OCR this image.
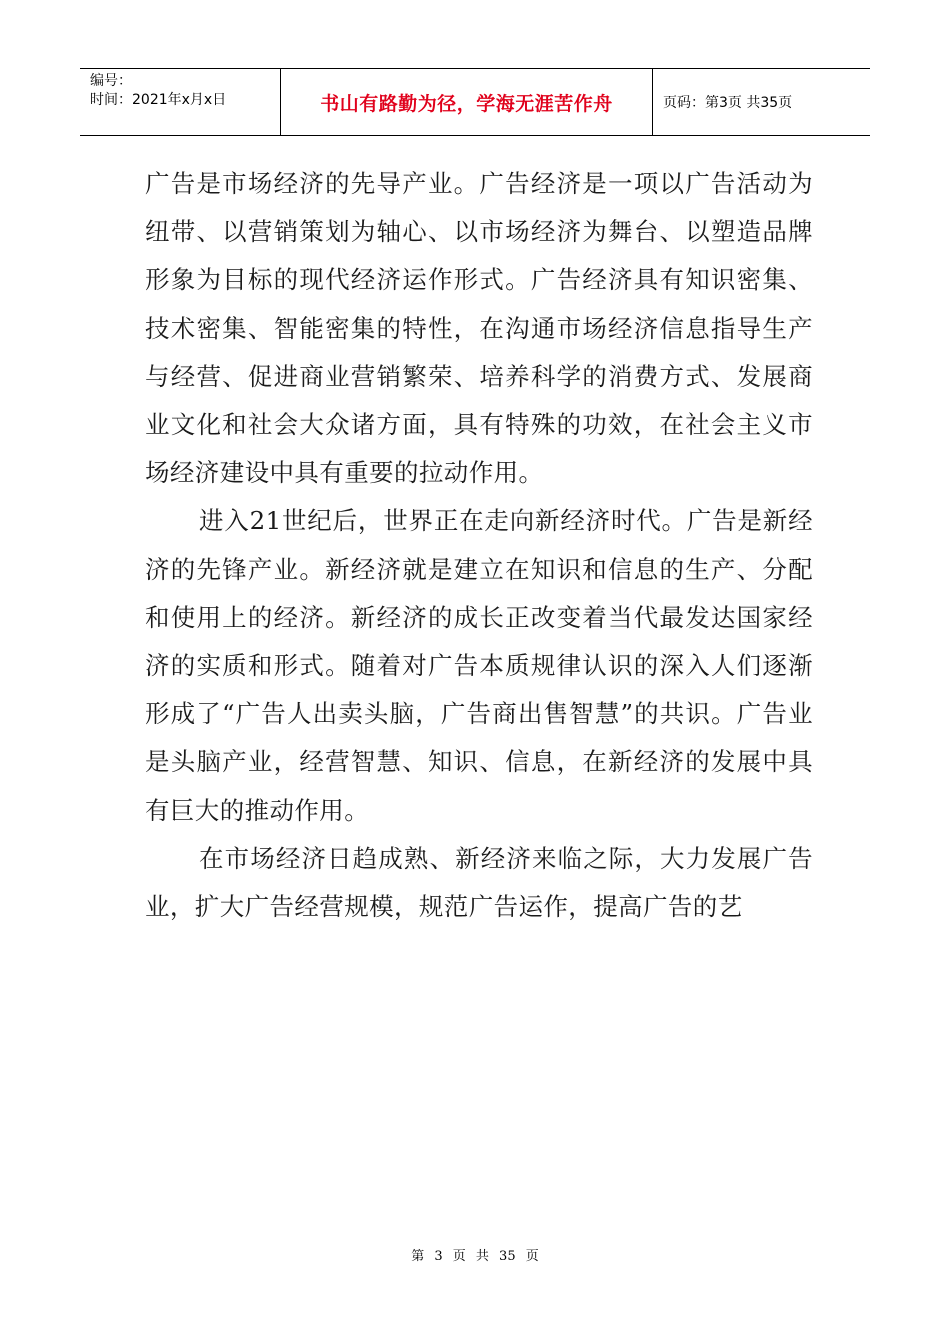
编号：
时间：2021年x月x日	书山有路勤为径，学海无涯苦作舟	页码：第3页 共35页

广告是市场经济的先导产业。广告经济是一项以广告活动为纽带、以营销策划为轴心、以市场经济为舞台、以塑造品牌形象为目标的现代经济运作形式。广告经济具有知识密集、技术密集、智能密集的特性，在沟通市场经济信息指导生产与经营、促进商业营销繁荣、培养科学的消费方式、发展商业文化和社会大众诸方面，具有特殊的功效，在社会主义市场经济建设中具有重要的拉动作用。

进入21世纪后，世界正在走向新经济时代。广告是新经济的先锋产业。新经济就是建立在知识和信息的生产、分配和使用上的经济。新经济的成长正改变着当代最发达国家经济的实质和形式。随着对广告本质规律认识的深入人们逐渐形成了“广告人出卖头脑，广告商出售智慧”的共识。广告业是头脑产业，经营智慧、知识、信息，在新经济的发展中具有巨大的推动作用。

在市场经济日趋成熟、新经济来临之际，大力发展广告业，扩大广告经营规模，规范广告运作，提高广告的艺

第 3 页 共 35 页
